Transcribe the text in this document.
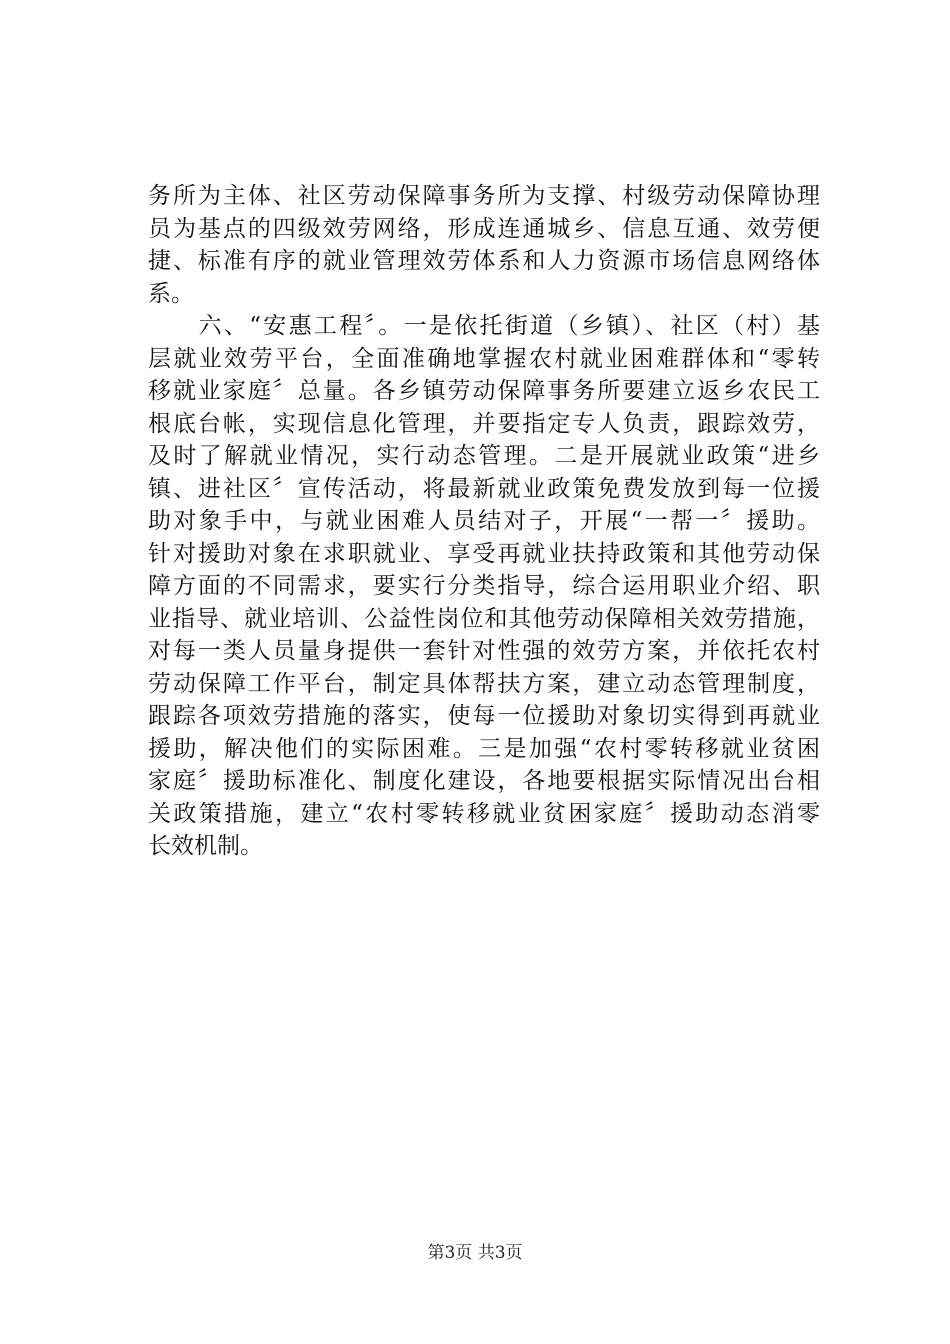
务所为主体、社区劳动保障事务所为支撑、村级劳动保障协理
员为基点的四级效劳网络，形成连通城乡、信息互通、效劳便
捷、标准有序的就业管理效劳体系和人力资源市场信息网络体
系。
　　六、“安惠工程〞。一是依托街道（乡镇）、社区（村）基
层就业效劳平台，全面准确地掌握农村就业困难群体和“零转
移就业家庭〞总量。各乡镇劳动保障事务所要建立返乡农民工
根底台帐，实现信息化管理，并要指定专人负责，跟踪效劳，
及时了解就业情况，实行动态管理。二是开展就业政策“进乡
镇、进社区〞宣传活动，将最新就业政策免费发放到每一位援
助对象手中，与就业困难人员结对子，开展“一帮一〞援助。
针对援助对象在求职就业、享受再就业扶持政策和其他劳动保
障方面的不同需求，要实行分类指导，综合运用职业介绍、职
业指导、就业培训、公益性岗位和其他劳动保障相关效劳措施，
对每一类人员量身提供一套针对性强的效劳方案，并依托农村
劳动保障工作平台，制定具体帮扶方案，建立动态管理制度，
跟踪各项效劳措施的落实，使每一位援助对象切实得到再就业
援助，解决他们的实际困难。三是加强“农村零转移就业贫困
家庭〞援助标准化、制度化建设，各地要根据实际情况出台相
关政策措施，建立“农村零转移就业贫困家庭〞援助动态消零
长效机制。
第3页 共3页
